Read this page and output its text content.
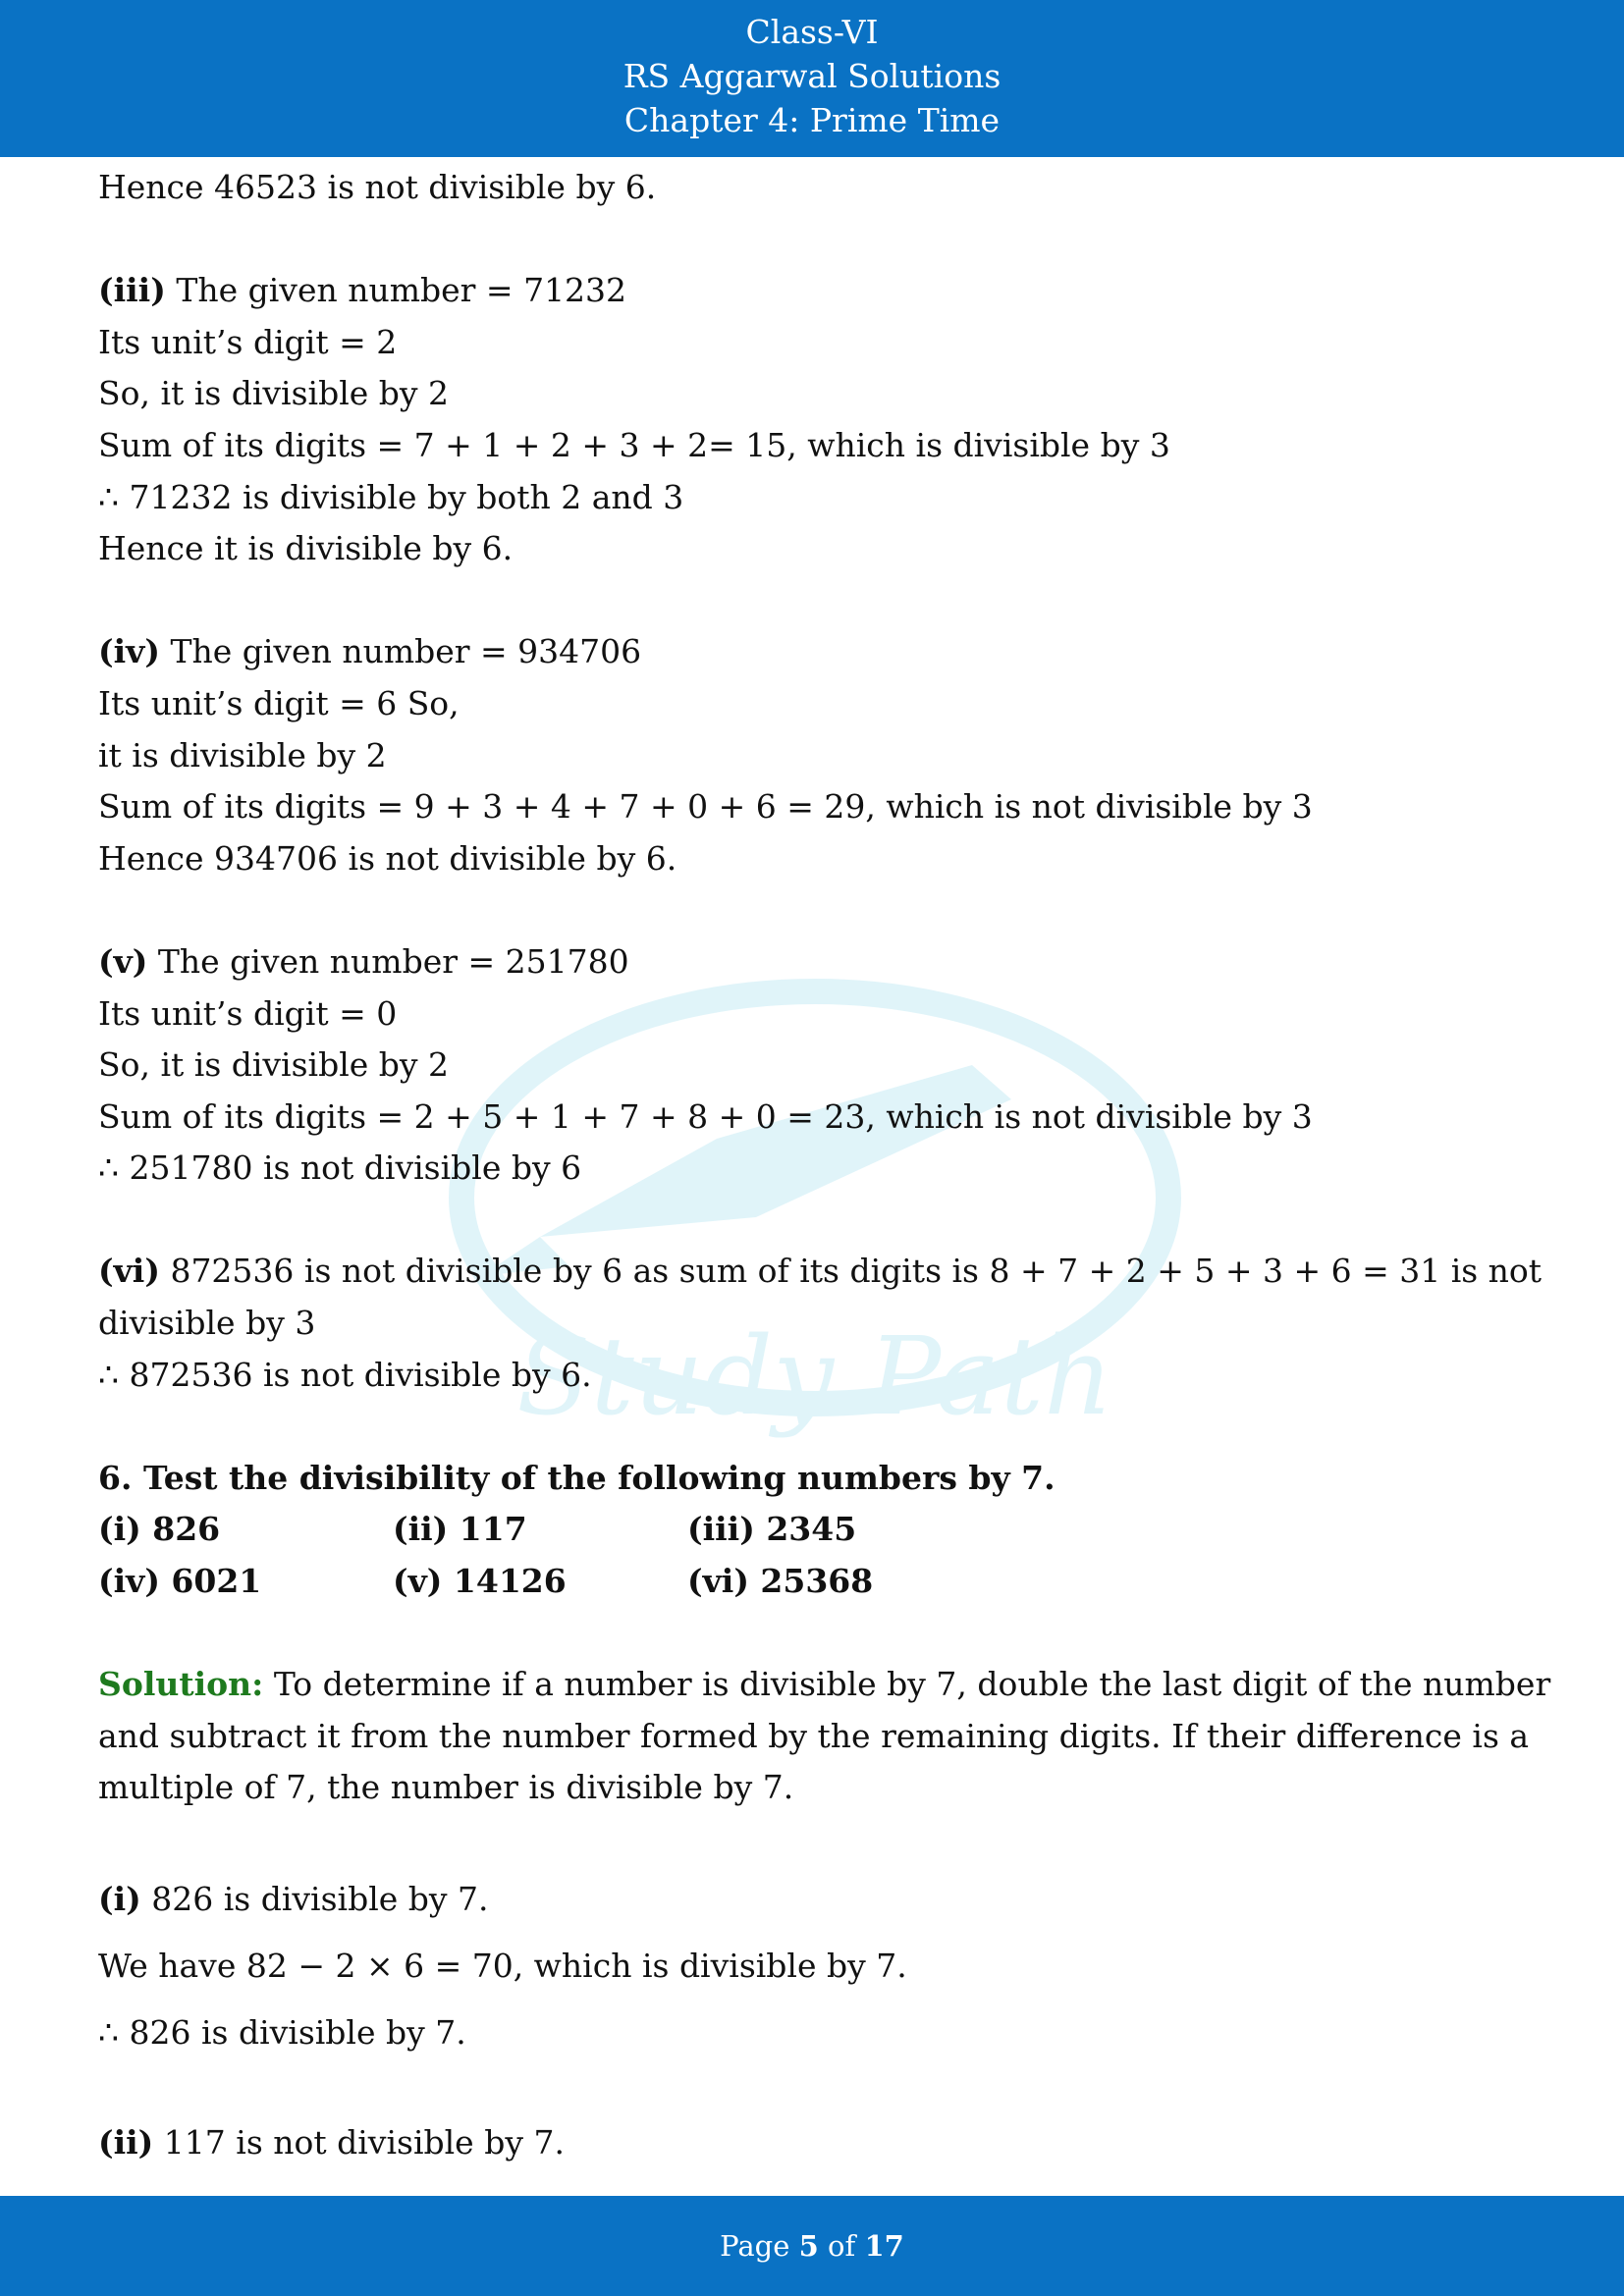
Class-VI
RS Aggarwal Solutions
Chapter 4: Prime Time
Study Path
Hence 46523 is not divisible by 6.
(iii) The given number = 71232
Its unit’s digit = 2
So, it is divisible by 2
Sum of its digits = 7 + 1 + 2 + 3 + 2= 15, which is divisible by 3
∴ 71232 is divisible by both 2 and 3
Hence it is divisible by 6.
(iv) The given number = 934706
Its unit’s digit = 6 So,
it is divisible by 2
Sum of its digits = 9 + 3 + 4 + 7 + 0 + 6 = 29, which is not divisible by 3
Hence 934706 is not divisible by 6.
(v) The given number = 251780
Its unit’s digit = 0
So, it is divisible by 2
Sum of its digits = 2 + 5 + 1 + 7 + 8 + 0 = 23, which is not divisible by 3
∴ 251780 is not divisible by 6
(vi) 872536 is not divisible by 6 as sum of its digits is 8 + 7 + 2 + 5 + 3 + 6 = 31 is not
divisible by 3
∴ 872536 is not divisible by 6.
6. Test the divisibility of the following numbers by 7.
(i) 826	(ii) 117	(iii) 2345
(iv) 6021	(v) 14126	(vi) 25368
Solution: To determine if a number is divisible by 7, double the last digit of the number
and subtract it from the number formed by the remaining digits. If their difference is a
multiple of 7, the number is divisible by 7.
(i) 826 is divisible by 7.
We have 82 − 2 × 6 = 70, which is divisible by 7.
∴ 826 is divisible by 7.
(ii) 117 is not divisible by 7.
Page 5 of 17
